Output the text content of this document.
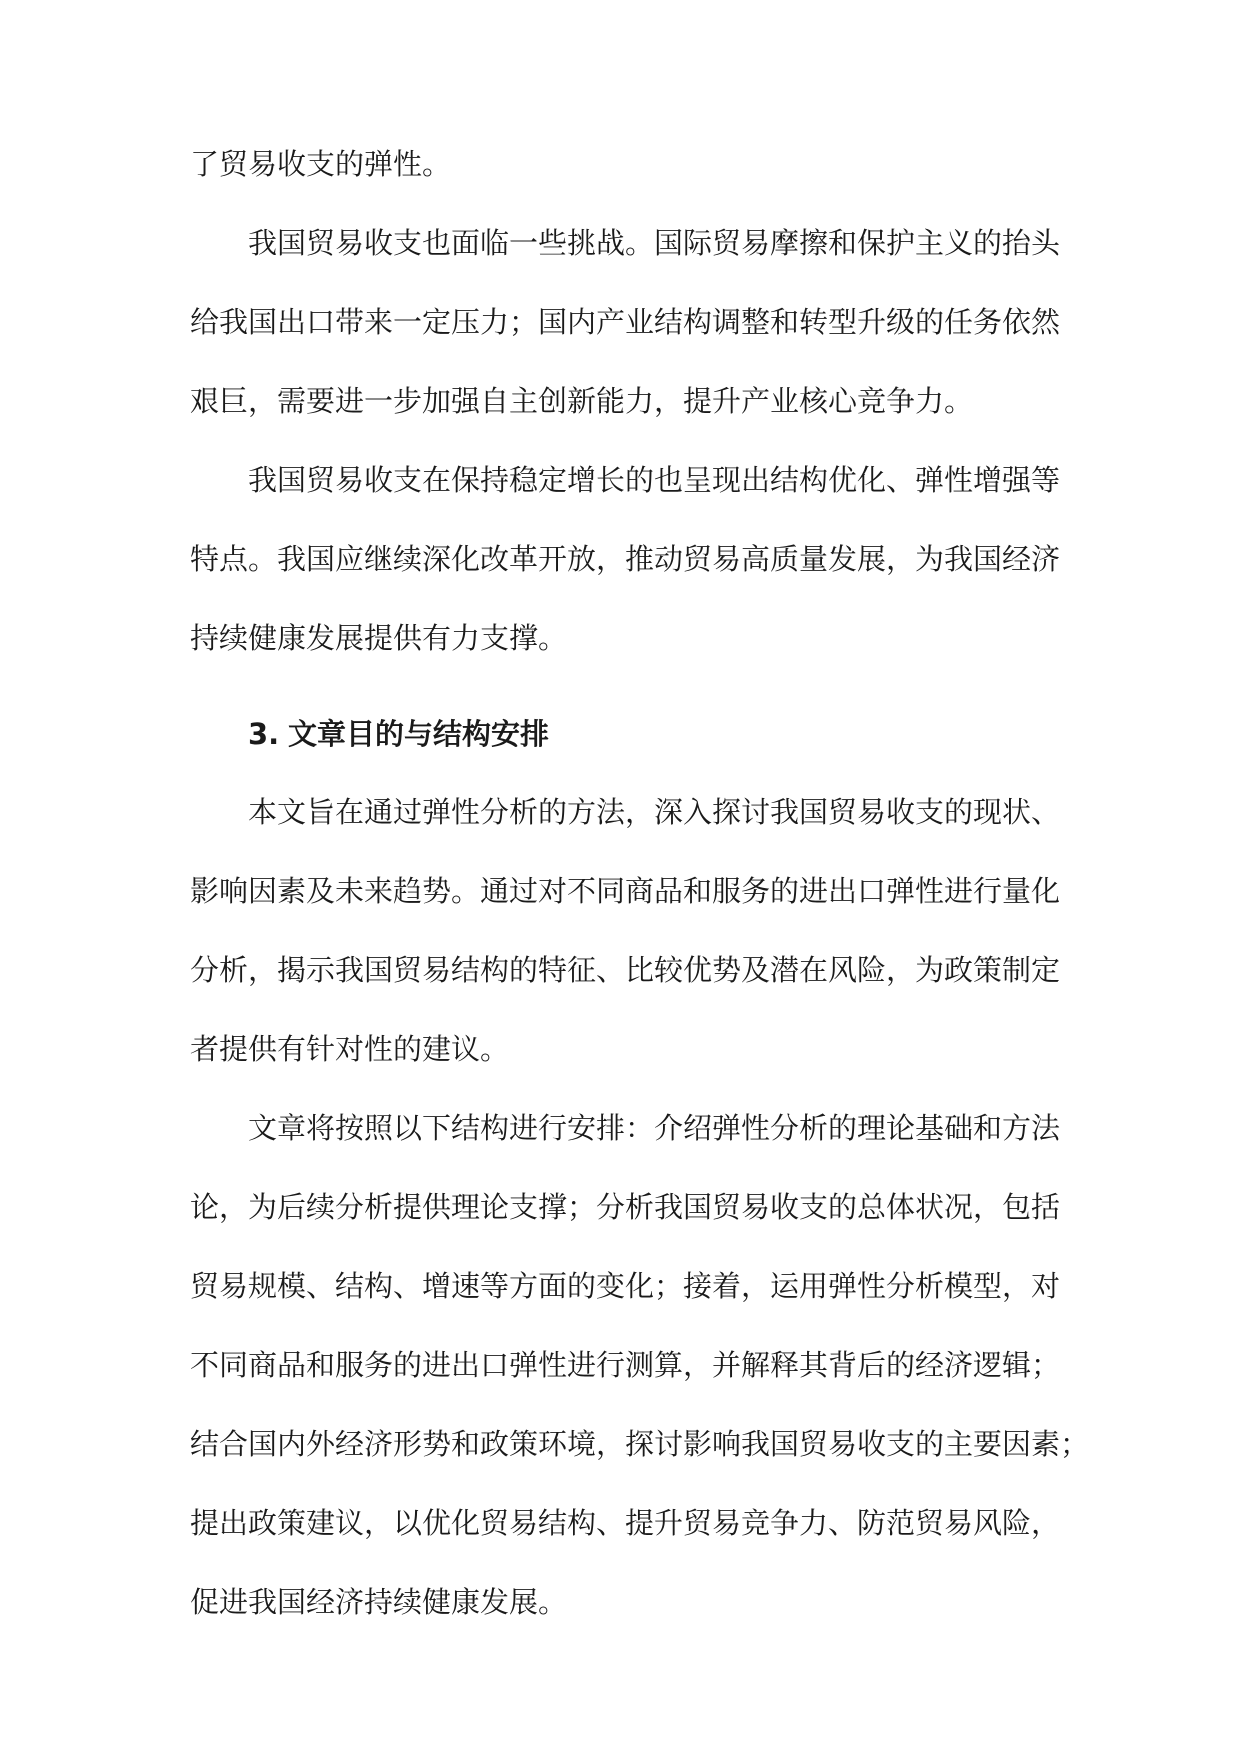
了贸易收支的弹性。
我国贸易收支也面临一些挑战。国际贸易摩擦和保护主义的抬头
给我国出口带来一定压力；国内产业结构调整和转型升级的任务依然
艰巨，需要进一步加强自主创新能力，提升产业核心竞争力。
我国贸易收支在保持稳定增长的也呈现出结构优化、弹性增强等
特点。我国应继续深化改革开放，推动贸易高质量发展，为我国经济
持续健康发展提供有力支撑。
3. 文章目的与结构安排
本文旨在通过弹性分析的方法，深入探讨我国贸易收支的现状、
影响因素及未来趋势。通过对不同商品和服务的进出口弹性进行量化
分析，揭示我国贸易结构的特征、比较优势及潜在风险，为政策制定
者提供有针对性的建议。
文章将按照以下结构进行安排：介绍弹性分析的理论基础和方法
论，为后续分析提供理论支撑；分析我国贸易收支的总体状况，包括
贸易规模、结构、增速等方面的变化；接着，运用弹性分析模型，对
不同商品和服务的进出口弹性进行测算，并解释其背后的经济逻辑；
结合国内外经济形势和政策环境，探讨影响我国贸易收支的主要因素；
提出政策建议，以优化贸易结构、提升贸易竞争力、防范贸易风险，
促进我国经济持续健康发展。
